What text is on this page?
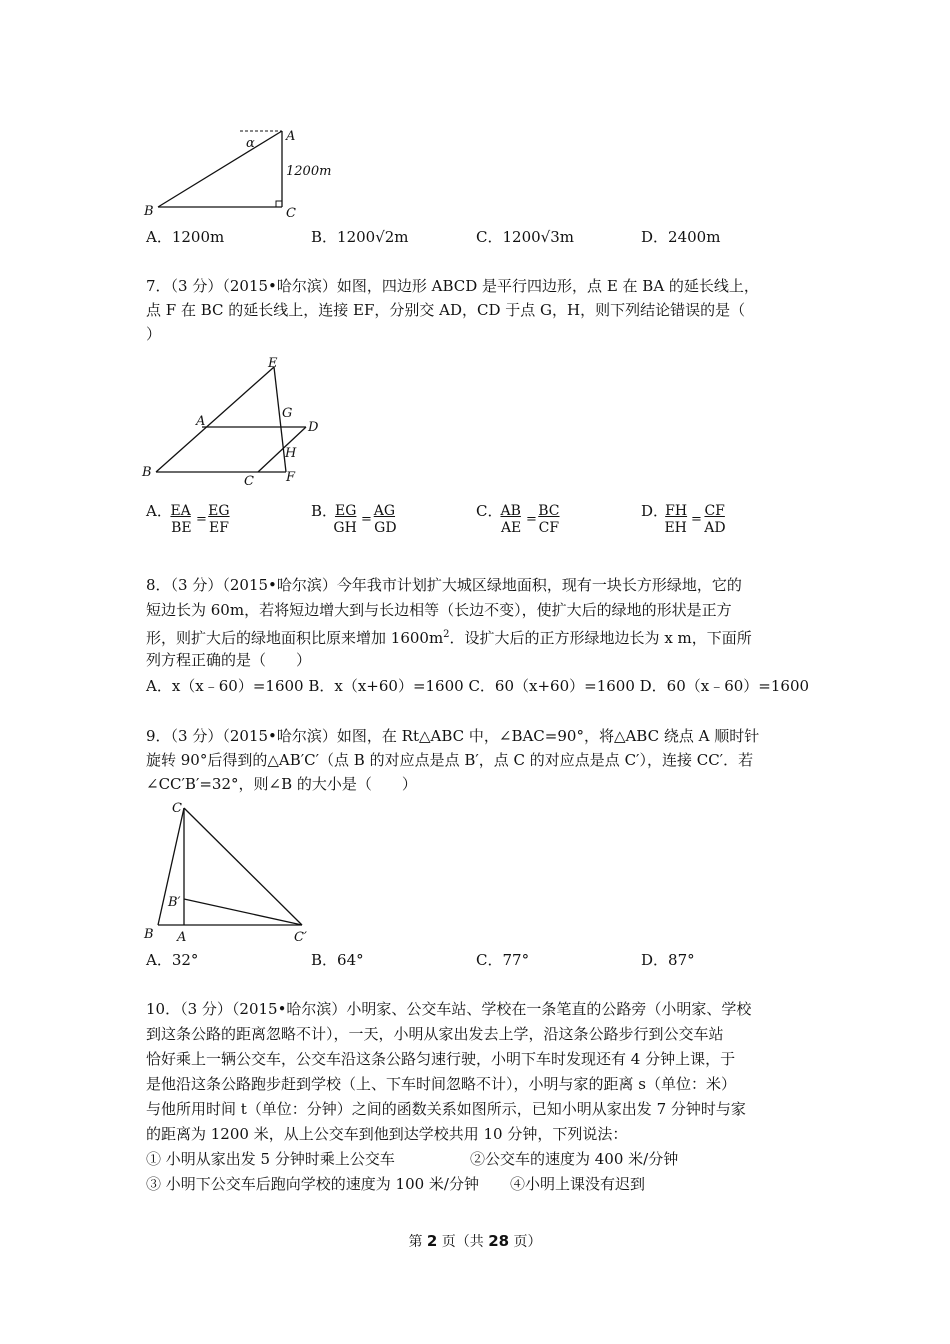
A
α
1200m
B	C
A．1200m	B．1200√2m	C．1200√3m	D．2400m
7．（3 分）（2015•哈尔滨）如图，四边形 ABCD 是平行四边形，点 E 在 BA 的延长线上，
点 F 在 BC 的延长线上，连接 EF，分别交 AD，CD 于点 G，H，则下列结论错误的是（
）
E
A
G
D
H
B
C F
A．
EA
EG
BE
EF
=	B．
EG
AG
GH
GD
=	C．
AB
BC
AE
CF
=	D．
FH
CF
EH
AD
=
8．（3 分）（2015•哈尔滨）今年我市计划扩大城区绿地面积，现有一块长方形绿地，它的
短边长为 60m，若将短边增大到与长边相等（长边不变），使扩大后的绿地的形状是正方
形，则扩大后的绿地面积比原来增加 $1600m^2$．设扩大后的正方形绿地边长为 x m，下面所
列方程正确的是（　　）
A．x（x﹣60）=1600 B．x（x+60）=1600 C．60（x+60）=1600 D．60（x﹣60）=1600
9．（3 分）（2015•哈尔滨）如图，在 Rt△ABC 中，∠BAC=90°，将△ABC 绕点 A 顺时针
旋转 90°后得到的△AB′C′（点 B 的对应点是点 B′，点 C 的对应点是点 C′），连接 CC′．若
∠CC′B′=32°，则∠B 的大小是（　　）
C
B′
B A	C′
A．32°	B．64°	C．77°	D．87°
10．（3 分）（2015•哈尔滨）小明家、公交车站、学校在一条笔直的公路旁（小明家、学校
到这条公路的距离忽略不计），一天，小明从家出发去上学，沿这条公路步行到公交车站
恰好乘上一辆公交车，公交车沿这条公路匀速行驶，小明下车时发现还有 4 分钟上课，于
是他沿这条公路跑步赶到学校（上、下车时间忽略不计），小明与家的距离 s（单位：米）
与他所用时间 t（单位：分钟）之间的函数关系如图所示，已知小明从家出发 7 分钟时与家
的距离为 1200 米，从上公交车到他到达学校共用 10 分钟，下列说法：
① 小明从家出发 5 分钟时乘上公交车	②公交车的速度为 400 米/分钟
③ 小明下公交车后跑向学校的速度为 100 米/分钟 ④小明上课没有迟到
第 2 页（共 28 页）
